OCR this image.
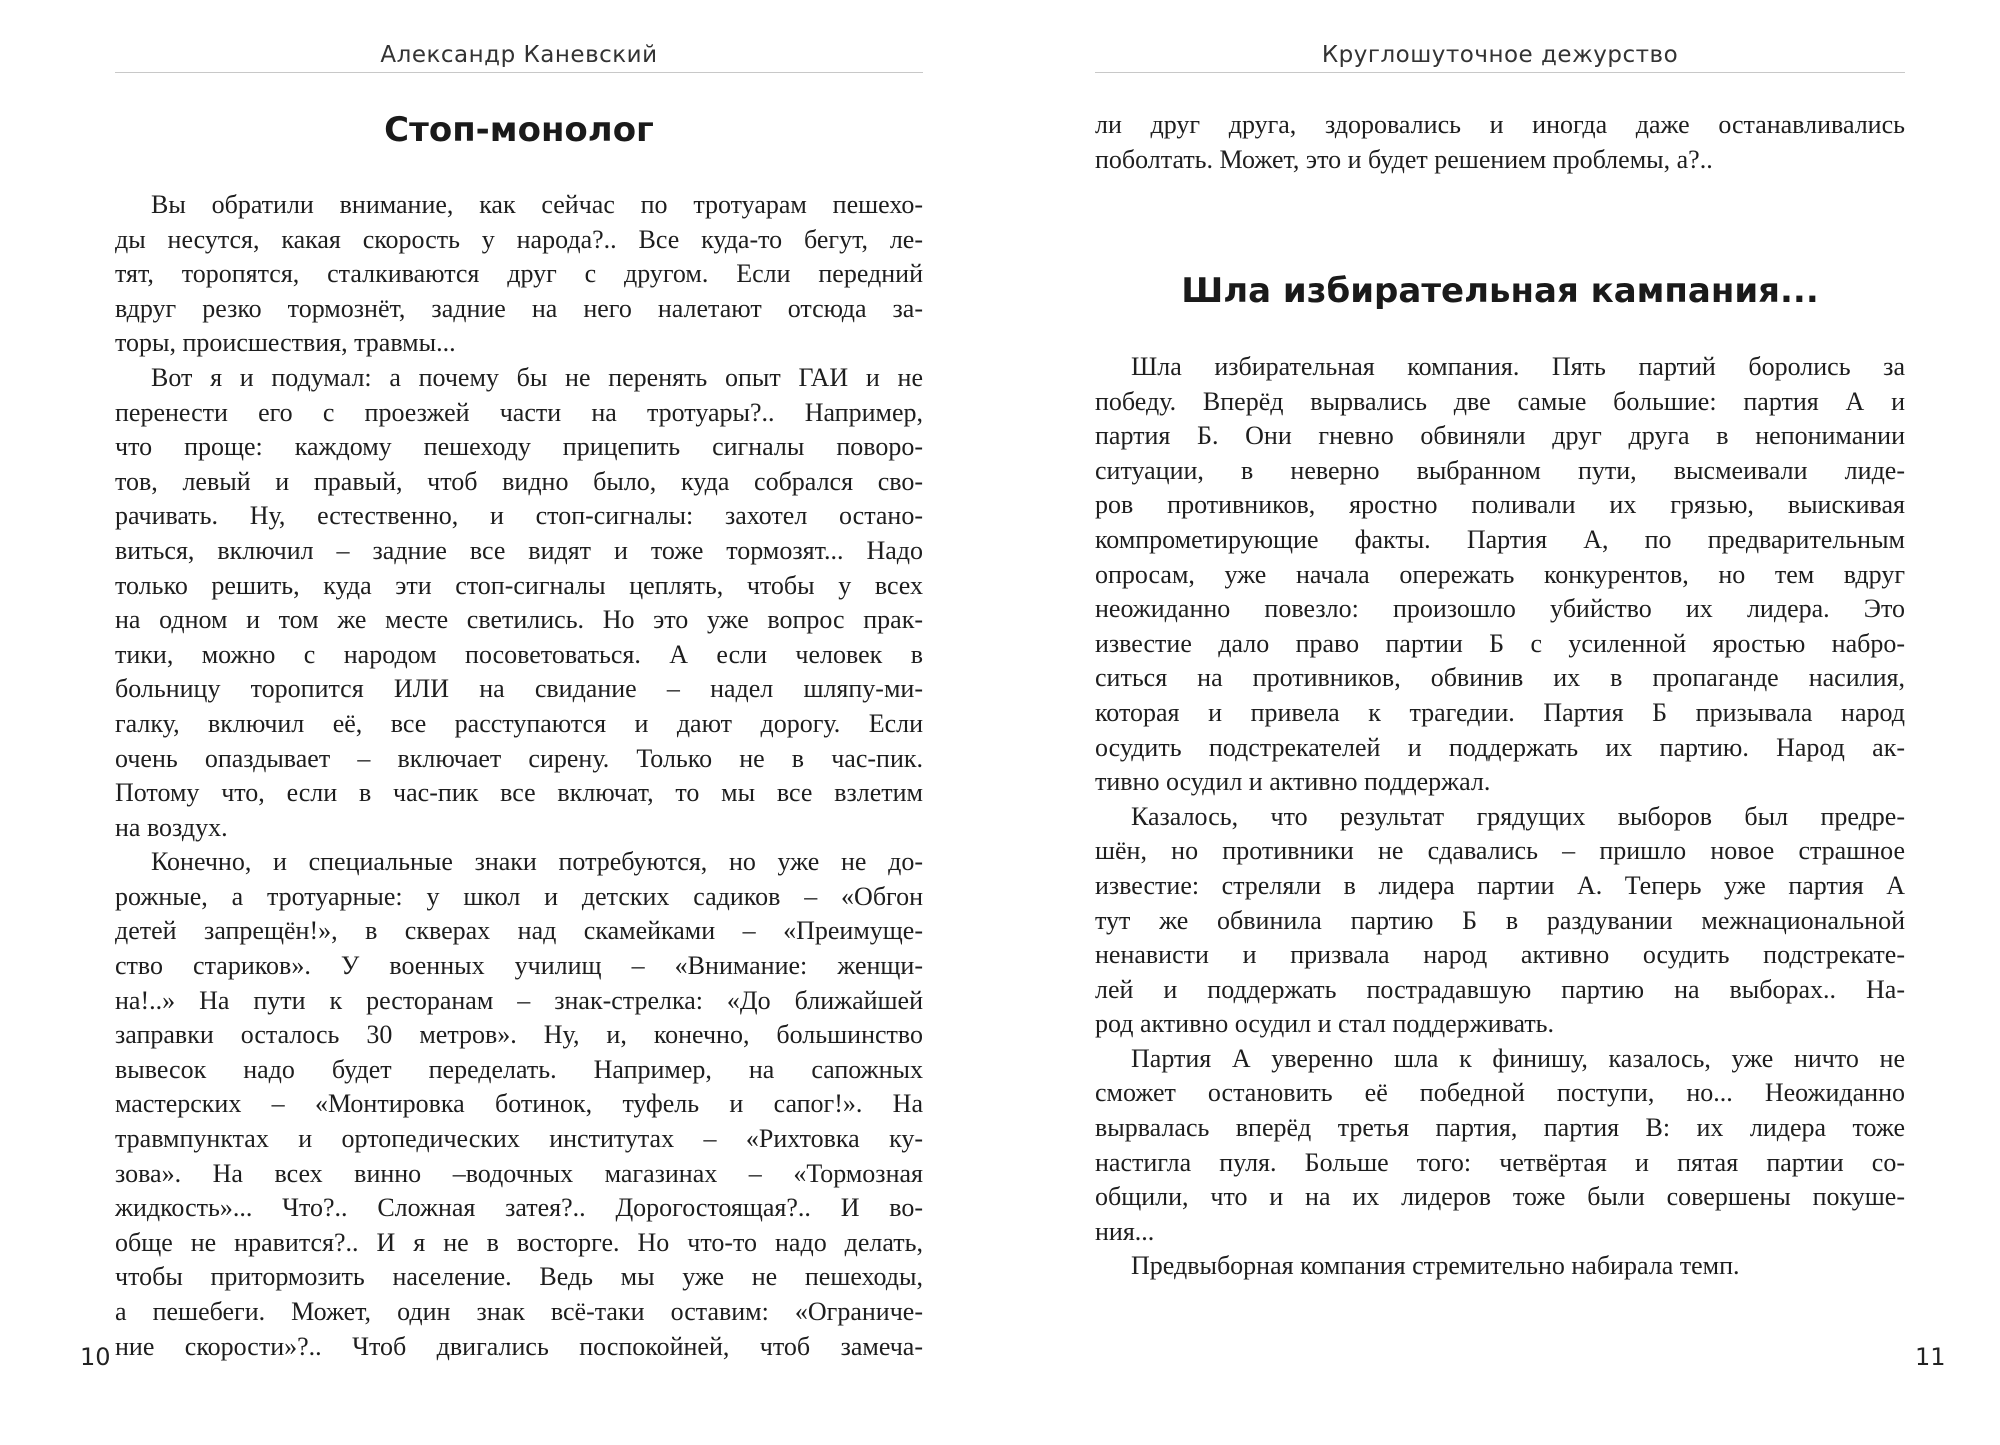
Александр Каневский
Стоп-монолог
Вы обратили внимание, как сейчас по тротуарам пешехо-
ды несутся, какая скорость у народа?.. Все куда-то бегут, ле-
тят, торопятся, сталкиваются друг с другом. Если передний
вдруг резко тормознёт, задние на него налетают отсюда за-
торы, происшествия, травмы...
Вот я и подумал: а почему бы не перенять опыт ГАИ и не
перенести его с проезжей части на тротуары?.. Например,
что проще: каждому пешеходу прицепить сигналы поворо-
тов, левый и правый, чтоб видно было, куда собрался сво-
рачивать. Ну, естественно, и стоп-сигналы: захотел остано-
виться, включил – задние все видят и тоже тормозят... Надо
только решить, куда эти стоп-сигналы цеплять, чтобы у всех
на одном и том же месте светились. Но это уже вопрос прак-
тики, можно с народом посоветоваться. А если человек в
больницу торопится ИЛИ на свидание – надел шляпу-ми-
галку, включил её, все расступаются и дают дорогу. Если
очень опаздывает – включает сирену. Только не в час-пик.
Потому что, если в час-пик все включат, то мы все взлетим
на воздух.
Конечно, и специальные знаки потребуются, но уже не до-
рожные, а тротуарные: у школ и детских садиков – «Обгон
детей запрещён!», в скверах над скамейками – «Преимуще-
ство стариков». У военных училищ – «Внимание: женщи-
на!..» На пути к ресторанам – знак-стрелка: «До ближайшей
заправки осталось 30 метров». Ну, и, конечно, большинство
вывесок надо будет переделать. Например, на сапожных
мастерских – «Монтировка ботинок, туфель и сапог!». На
травмпунктах и ортопедических институтах – «Рихтовка ку-
зова». На всех винно –водочных магазинах – «Тормозная
жидкость»... Что?.. Сложная затея?.. Дорогостоящая?.. И во-
обще не нравится?.. И я не в восторге. Но что-то надо делать,
чтобы притормозить население. Ведь мы уже не пешеходы,
а пешебеги. Может, один знак всё-таки оставим: «Ограниче-
ние скорости»?.. Чтоб двигались поспокойней, чтоб замеча-
10
Круглошуточное дежурство
ли друг друга, здоровались и иногда даже останавливались
поболтать. Может, это и будет решением проблемы, а?..
Шла избирательная кампания...
Шла избирательная компания. Пять партий боролись за
победу. Вперёд вырвались две самые большие: партия А и
партия Б. Они гневно обвиняли друг друга в непонимании
ситуации, в неверно выбранном пути, высмеивали лиде-
ров противников, яростно поливали их грязью, выискивая
компрометирующие факты. Партия А, по предварительным
опросам, уже начала опережать конкурентов, но тем вдруг
неожиданно повезло: произошло убийство их лидера. Это
известие дало право партии Б с усиленной яростью набро-
ситься на противников, обвинив их в пропаганде насилия,
которая и привела к трагедии. Партия Б призывала народ
осудить подстрекателей и поддержать их партию. Народ ак-
тивно осудил и активно поддержал.
Казалось, что результат грядущих выборов был предре-
шён, но противники не сдавались – пришло новое страшное
известие: стреляли в лидера партии А. Теперь уже партия А
тут же обвинила партию Б в раздувании межнациональной
ненависти и призвала народ активно осудить подстрекате-
лей и поддержать пострадавшую партию на выборах.. На-
род активно осудил и стал поддерживать.
Партия А уверенно шла к финишу, казалось, уже ничто не
сможет остановить её победной поступи, но... Неожиданно
вырвалась вперёд третья партия, партия В: их лидера тоже
настигла пуля. Больше того: четвёртая и пятая партии со-
общили, что и на их лидеров тоже были совершены покуше-
ния...
Предвыборная компания стремительно набирала темп.
11
